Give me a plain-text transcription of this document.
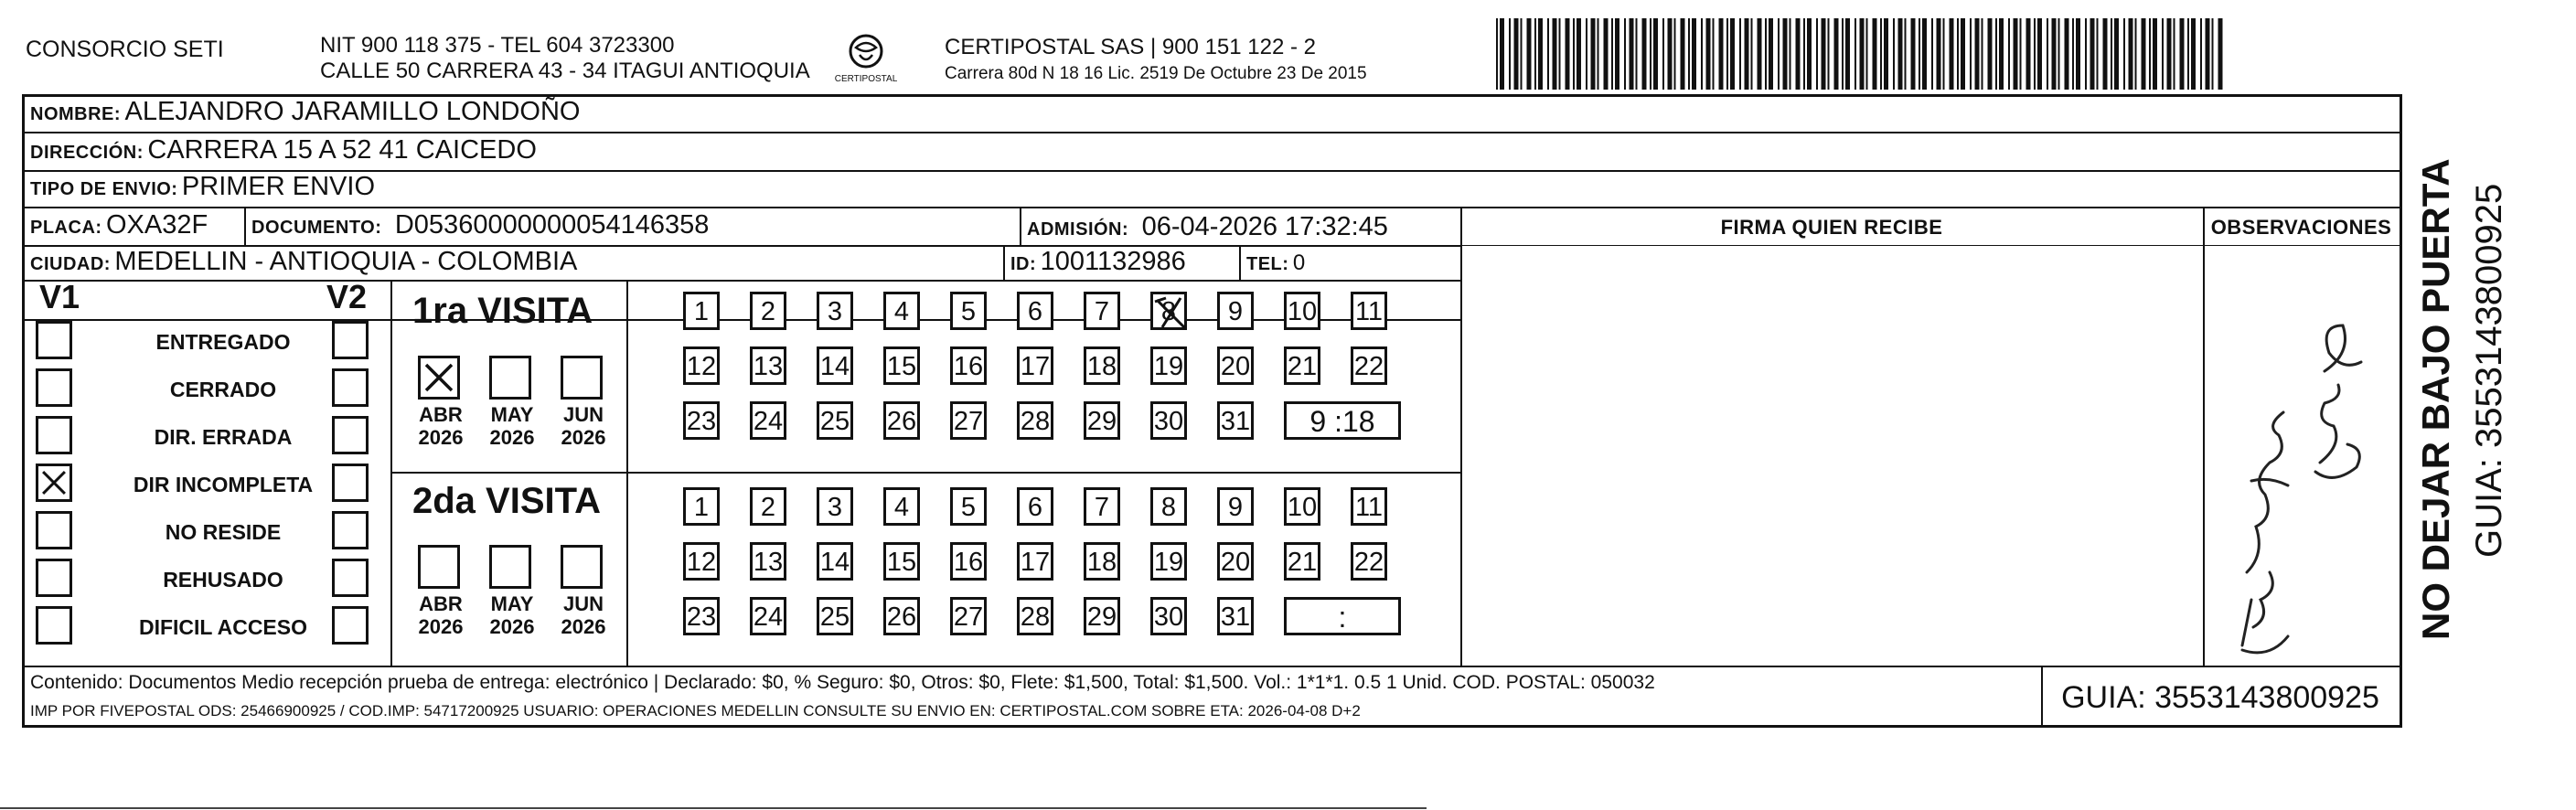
CONSORCIO SETI	NIT 900 118 375 - TEL 604 3723300
CALLE 50 CARRERA 43 - 34 ITAGUI ANTIOQUIA	CERTIPOSTAL
CERTIPOSTAL SAS | 900 151 122 - 2
Carrera 80d N 18 16 Lic. 2519 De Octubre 23 De 2015
NOMBRE: ALEJANDRO JARAMILLO LONDOÑO
DIRECCIÓN: CARRERA 15 A 52 41 CAICEDO
TIPO DE ENVIO: PRIMER ENVIO
PLACA: OXA32F DOCUMENTO: D05360000000054146358	ADMISIÓN: 06-04-2026 17:32:45
CIUDAD: MEDELLIN - ANTIOQUIA - COLOMBIA	ID: 1001132986	TEL: 0
FIRMA QUIEN RECIBE	OBSERVACIONES
V1	V2
ENTREGADO
CERRADO
DIR. ERRADA
DIR INCOMPLETA
NO RESIDE
REHUSADO
DIFICIL ACCESO
1ra VISITA
2da VISITA
ABR
2026
MAY
2026
JUN
2026
ABR
2026
MAY
2026
JUN
2026
1	2	3	4	5	6	7	8	9	10 11
12 13 14 15 16 17 18 19 20 21 22
23 24 25 26 27 28 29 30 31	9 :18
1	2	3	4	5	6	7	8	9	10 11
12 13 14 15 16 17 18 19 20 21 22
23 24 25 26 27 28 29 30 31	:
Contenido: Documentos Medio recepción prueba de entrega: electrónico | Declarado: $0, % Seguro: $0, Otros: $0, Flete: $1,500, Total: $1,500. Vol.: 1*1*1. 0.5 1 Unid. COD. POSTAL: 050032
IMP POR FIVEPOSTAL ODS: 25466900925 / COD.IMP: 54717200925 USUARIO: OPERACIONES MEDELLIN CONSULTE SU ENVIO EN: CERTIPOSTAL.COM SOBRE ETA: 2026-04-08 D+2	GUIA: 3553143800925
NO DEJAR BAJO PUERTA GUIA: 3553143800925
